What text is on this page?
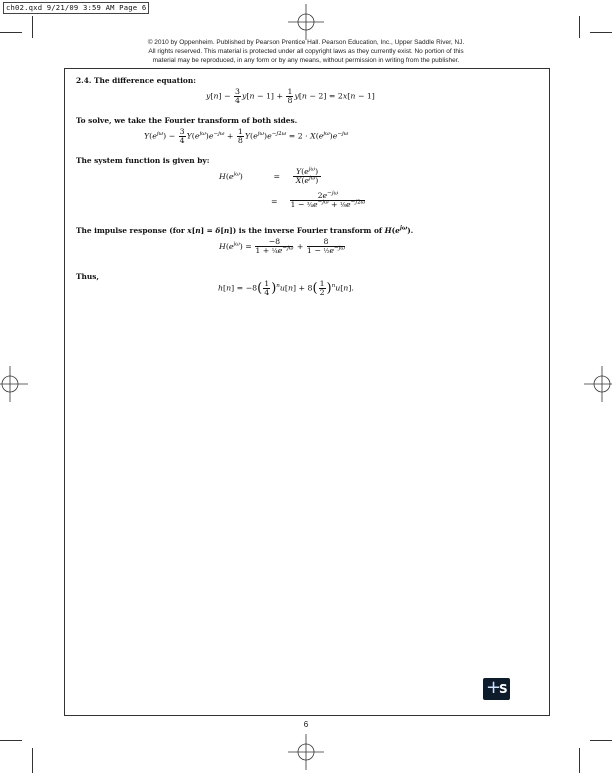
ch02.qxd 9/21/09 3:59 AM Page 6
© 2010 by Oppenheim. Published by Pearson Prentice Hall. Pearson Education, Inc., Upper Saddle River, NJ.
All rights reserved. This material is protected under all copyright laws as they currently exist. No portion of this
material may be reproduced, in any form or by any means, without permission in writing from the publisher.
2.4. The difference equation:
$y[n] - \frac{3}{4} y[n - 1] + \frac{1}{8} y[n - 2] = 2x[n - 1]$
To solve, we take the Fourier transform of both sides.
$Y(e^{j\omega}) - \frac{3}{4} Y(e^{j\omega})e^{-j\omega} + \frac{1}{8} Y(e^{j\omega})e^{-j2\omega} = 2 \cdot X(e^{j\omega})e^{-j\omega}$
The system function is given by:
$H(e^{j\omega})$	= $\frac{Y(e^{j\omega})}{X(e^{j\omega})}$
= $\frac{2e^{-j\omega}}{1 - \frac{3}{4}e^{-j\omega} + \frac{1}{8}e^{-j2\omega}}$
The impulse response (for x[n] = δ[n]) is the inverse Fourier transform of $H(e^{j\omega})$.
$H(e^{j\omega}) = \frac{-8}{1 + \frac{1}{4}e^{-j\omega}} + \frac{8}{1 - \frac{1}{2}e^{-j\omega}}$
Thus,
$h[n] = -8( \frac{1}{4} )^nu[n] + 8( \frac{1}{2} )^nu[n]$.
+
S
6
